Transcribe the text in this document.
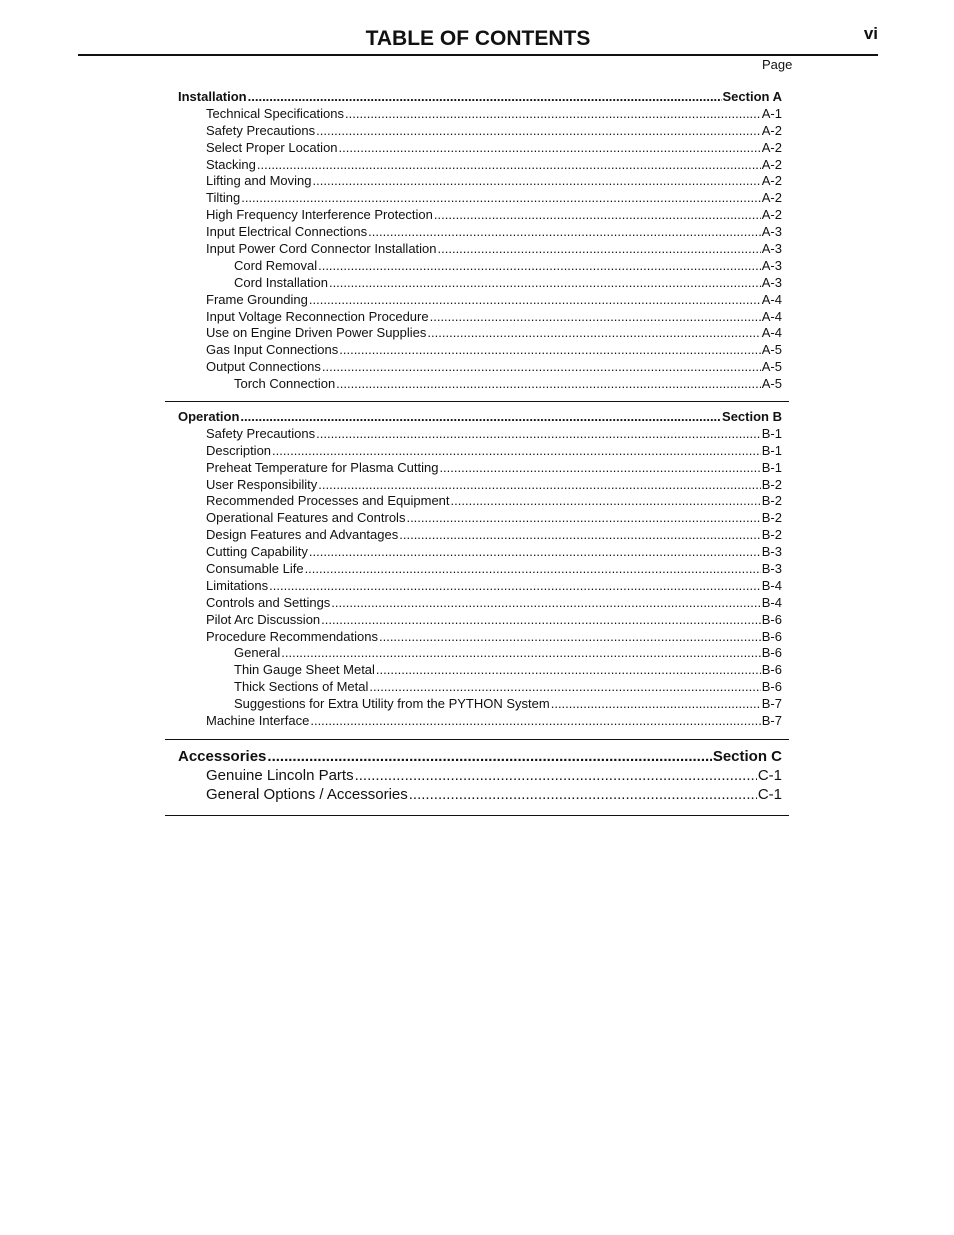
TABLE OF CONTENTS	vi
Page
Installation .....	Section A
Technical Specifications .....	A-1
Safety Precautions .....	A-2
Select Proper Location .....	A-2
Stacking .....	A-2
Lifting and Moving .....	A-2
Tilting .....	A-2
High Frequency Interference Protection .....	A-2
Input Electrical Connections .....	A-3
Input Power Cord Connector Installation .....	A-3
Cord Removal .....	A-3
Cord Installation .....	A-3
Frame Grounding .....	A-4
Input Voltage Reconnection Procedure .....	A-4
Use on Engine Driven Power Supplies .....	A-4
Gas Input Connections .....	A-5
Output Connections .....	A-5
Torch Connection .....	A-5
Operation .....	Section B
Safety Precautions .....	B-1
Description .....	B-1
Preheat Temperature for Plasma Cutting .....	B-1
User Responsibility .....	B-2
Recommended Processes and Equipment .....	B-2
Operational Features and Controls .....	B-2
Design Features and Advantages .....	B-2
Cutting Capability .....	B-3
Consumable Life .....	B-3
Limitations .....	B-4
Controls and Settings .....	B-4
Pilot Arc Discussion .....	B-6
Procedure Recommendations .....	B-6
General .....	B-6
Thin Gauge Sheet Metal .....	B-6
Thick Sections of Metal .....	B-6
Suggestions for Extra Utility from the PYTHON System .....	B-7
Machine Interface .....	B-7
Accessories .....	Section C
Genuine Lincoln Parts .....	C-1
General Options / Accessories .....	C-1
